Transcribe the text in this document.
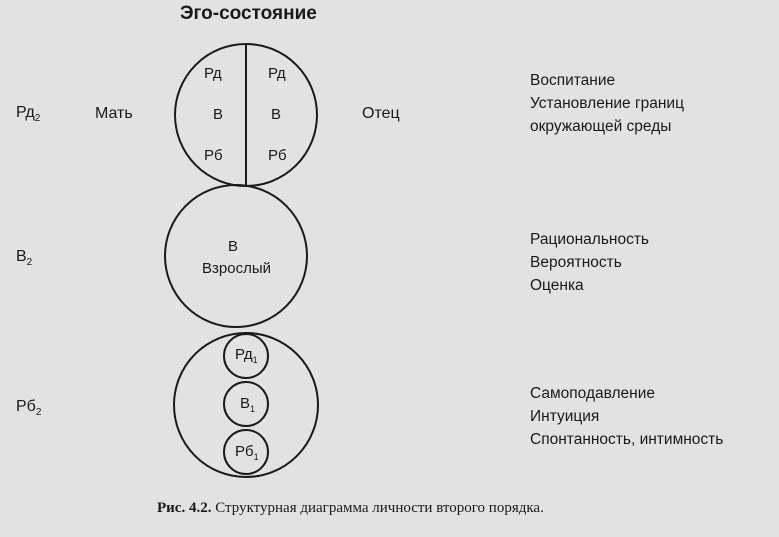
Эго-состояние
$Рд_2$	Мать	Отец
Рд
В
Рб
Рд
В
Рб
Воспитание
Установление границ
окружающей среды
$В_2$
В
Взрослый
Рациональность
Вероятность
Оценка
$Рб_2$
$Рд_1$
$В_1$
$Рб_1$
Самоподавление
Интуиция
Спонтанность, интимность
Рис. 4.2. Структурная диаграмма личности второго порядка.
